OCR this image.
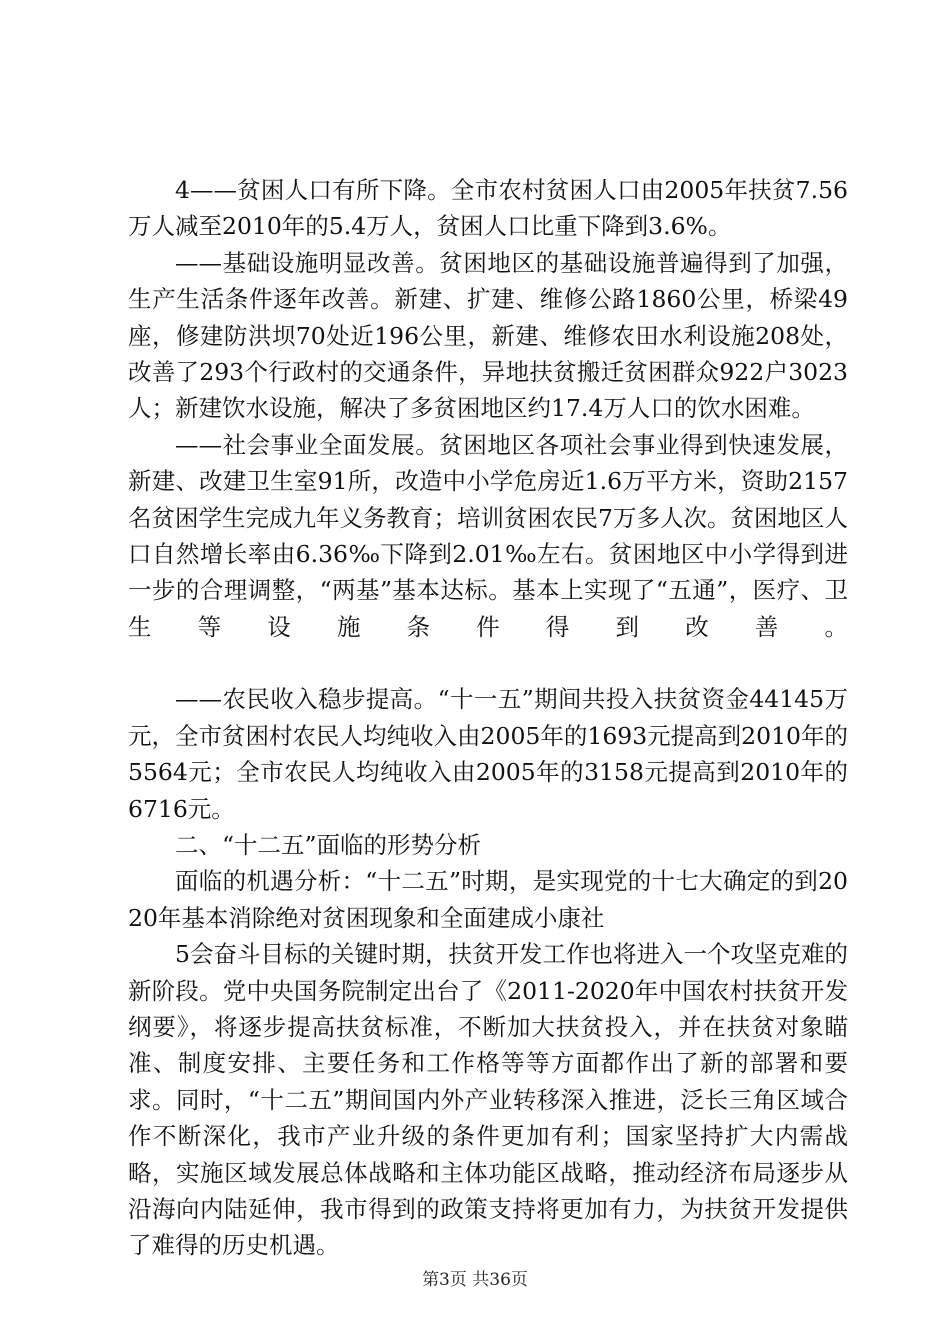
4——贫困人口有所下降。全市农村贫困人口由2005年扶贫7.56万人减至2010年的5.4万人，贫困人口比重下降到3.6%。

——基础设施明显改善。贫困地区的基础设施普遍得到了加强，生产生活条件逐年改善。新建、扩建、维修公路1860公里，桥梁49座，修建防洪坝70处近196公里，新建、维修农田水利设施208处，改善了293个行政村的交通条件，异地扶贫搬迁贫困群众922户3023人；新建饮水设施，解决了多贫困地区约17.4万人口的饮水困难。

——社会事业全面发展。贫困地区各项社会事业得到快速发展，新建、改建卫生室91所，改造中小学危房近1.6万平方米，资助2157名贫困学生完成九年义务教育；培训贫困农民7万多人次。贫困地区人口自然增长率由6.36‰下降到2.01‰左右。贫困地区中小学得到进一步的合理调整，“两基”基本达标。基本上实现了“五通”，医疗、卫生等设施条件得到改善。

——农民收入稳步提高。“十一五”期间共投入扶贫资金44145万元，全市贫困村农民人均纯收入由2005年的1693元提高到2010年的5564元；全市农民人均纯收入由2005年的3158元提高到2010年的6716元。

二、“十二五”面临的形势分析

面临的机遇分析：“十二五”时期，是实现党的十七大确定的到2020年基本消除绝对贫困现象和全面建成小康社

5会奋斗目标的关键时期，扶贫开发工作也将进入一个攻坚克难的新阶段。党中央国务院制定出台了《2011-2020年中国农村扶贫开发纲要》，将逐步提高扶贫标准，不断加大扶贫投入，并在扶贫对象瞄准、制度安排、主要任务和工作格等等方面都作出了新的部署和要求。同时，“十二五”期间国内外产业转移深入推进，泛长三角区域合作不断深化，我市产业升级的条件更加有利；国家坚持扩大内需战略，实施区域发展总体战略和主体功能区战略，推动经济布局逐步从沿海向内陆延伸，我市得到的政策支持将更加有力，为扶贫开发提供了难得的历史机遇。

第3页 共36页
